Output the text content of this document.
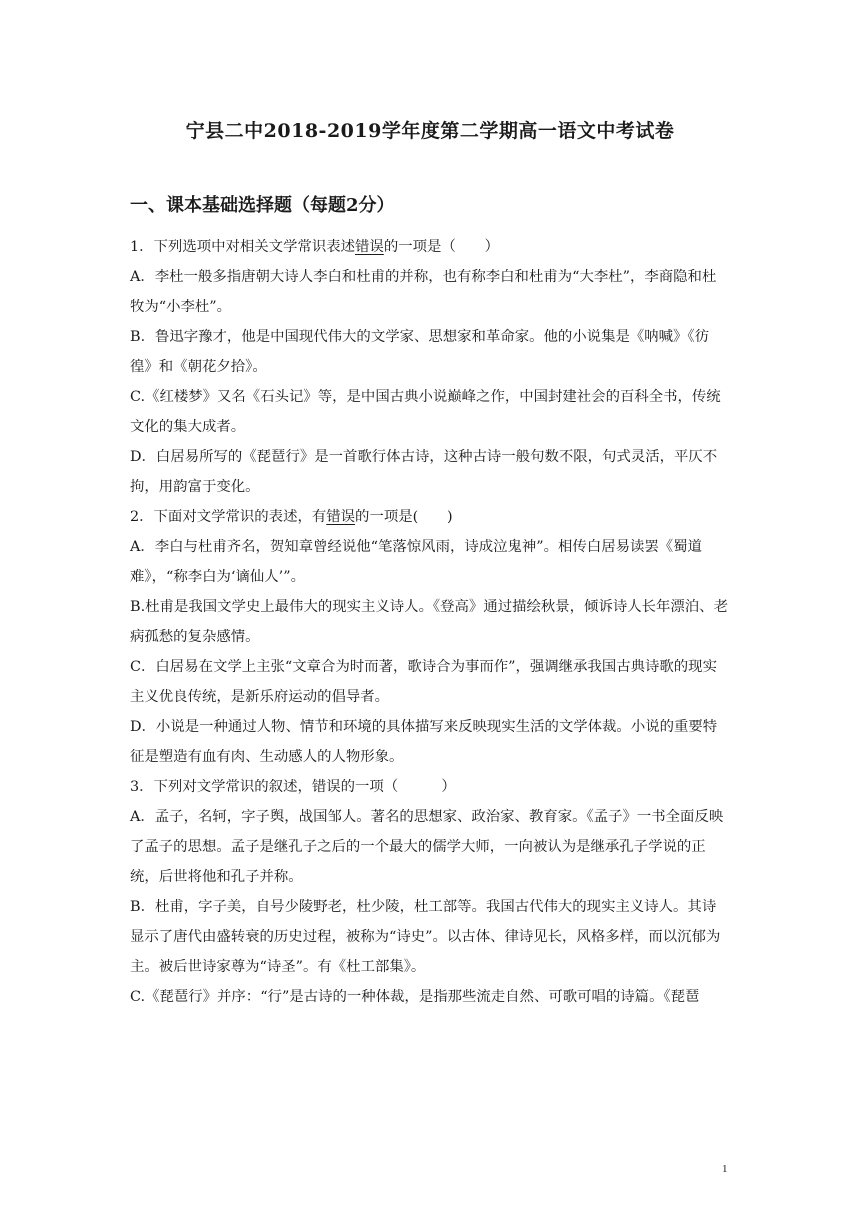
宁县二中2018-2019学年度第二学期高一语文中考试卷
一、课本基础选择题（每题2分）

1．下列选项中对相关文学常识表述错误的一项是（　　）

A．李杜一般多指唐朝大诗人李白和杜甫的并称，也有称李白和杜甫为“大李杜”，李商隐和杜牧为“小李杜”。

B．鲁迅字豫才，他是中国现代伟大的文学家、思想家和革命家。他的小说集是《呐喊》《彷徨》和《朝花夕拾》。

C.《红楼梦》又名《石头记》等，是中国古典小说巅峰之作，中国封建社会的百科全书，传统文化的集大成者。

D．白居易所写的《琵琶行》是一首歌行体古诗，这种古诗一般句数不限，句式灵活，平仄不拘，用韵富于变化。

2．下面对文学常识的表述，有错误的一项是(　　)

A．李白与杜甫齐名，贺知章曾经说他“笔落惊风雨，诗成泣鬼神”。相传白居易读罢《蜀道难》，“称李白为‘谪仙人’”。

B.杜甫是我国文学史上最伟大的现实主义诗人。《登高》通过描绘秋景，倾诉诗人长年漂泊、老病孤愁的复杂感情。

C．白居易在文学上主张“文章合为时而著，歌诗合为事而作”，强调继承我国古典诗歌的现实主义优良传统，是新乐府运动的倡导者。

D．小说是一种通过人物、情节和环境的具体描写来反映现实生活的文学体裁。小说的重要特征是塑造有血有肉、生动感人的人物形象。

3．下列对文学常识的叙述，错误的一项（　　　）

A．孟子，名轲，字子舆，战国邹人。著名的思想家、政治家、教育家。《孟子》一书全面反映了孟子的思想。孟子是继孔子之后的一个最大的儒学大师，一向被认为是继承孔子学说的正统，后世将他和孔子并称。

B．杜甫，字子美，自号少陵野老，杜少陵，杜工部等。我国古代伟大的现实主义诗人。其诗显示了唐代由盛转衰的历史过程，被称为“诗史”。以古体、律诗见长，风格多样，而以沉郁为主。被后世诗家尊为“诗圣”。有《杜工部集》。

C.《琵琶行》并序：“行”是古诗的一种体裁，是指那些流走自然、可歌可唱的诗篇。《琵琶

1
